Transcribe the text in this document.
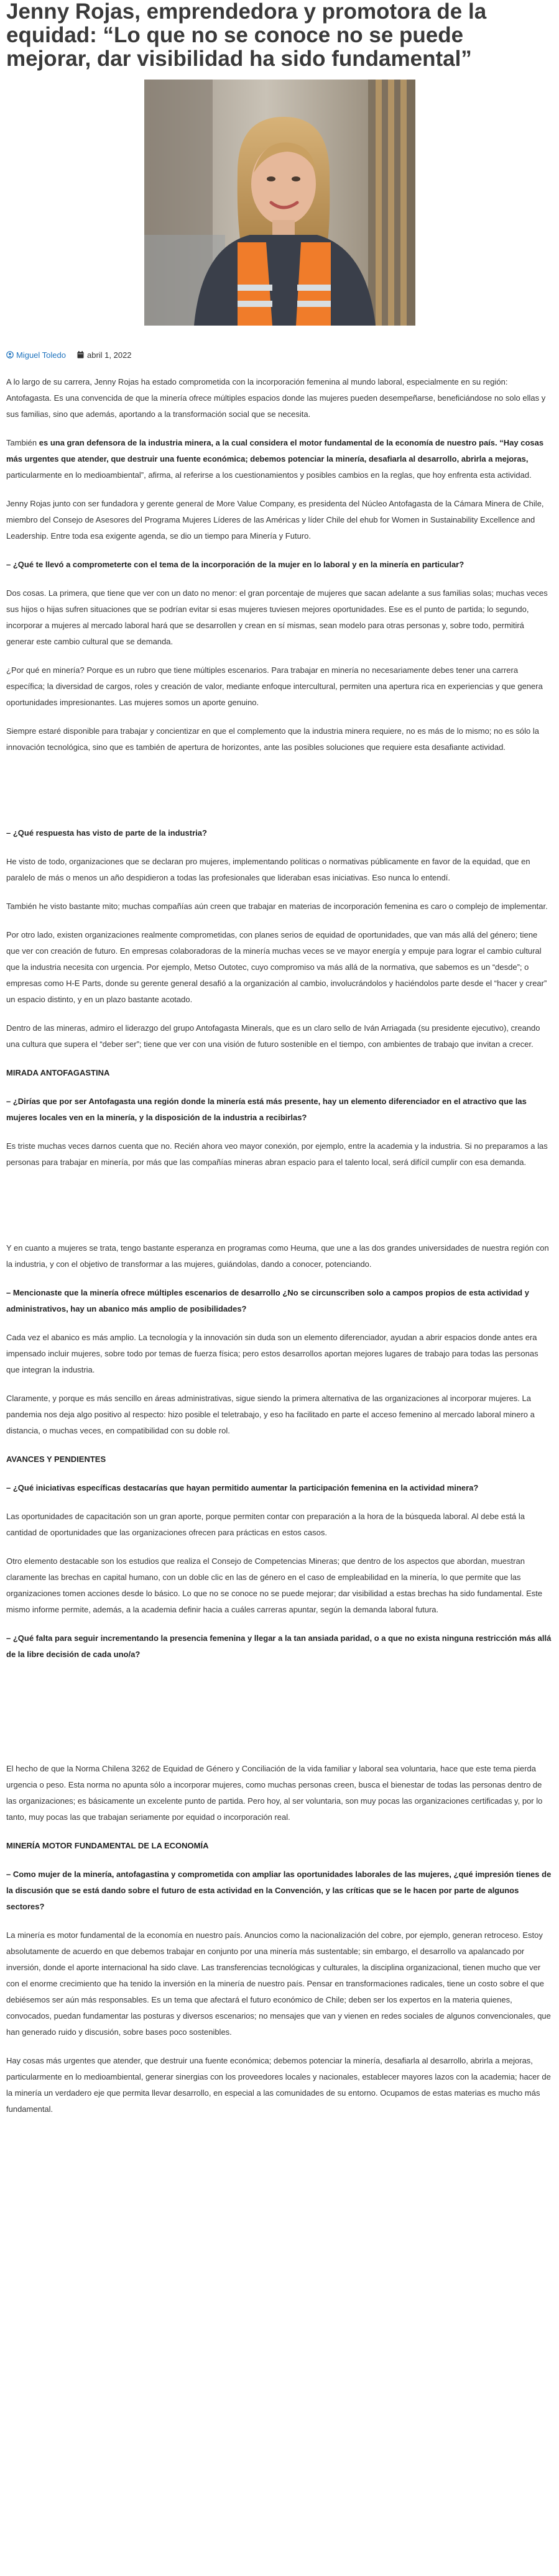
Jenny Rojas, emprendedora y promotora de la equidad: “Lo que no se conoce no se puede mejorar, dar visibilidad ha sido fundamental”
Miguel Toledo	abril 1, 2022

A lo largo de su carrera, Jenny Rojas ha estado comprometida con la incorporación femenina al mundo laboral, especialmente en su región: Antofagasta. Es una convencida de que la minería ofrece múltiples espacios donde las mujeres pueden desempeñarse, beneficiándose no solo ellas y sus familias, sino que además, aportando a la transformación social que se necesita.

También es una gran defensora de la industria minera, a la cual considera el motor fundamental de la economía de nuestro país. “Hay cosas más urgentes que atender, que destruir una fuente económica; debemos potenciar la minería, desafiarla al desarrollo, abrirla a mejoras, particularmente en lo medioambiental”, afirma, al referirse a los cuestionamientos y posibles cambios en la reglas, que hoy enfrenta esta actividad.

Jenny Rojas junto con ser fundadora y gerente general de More Value Company, es presidenta del Núcleo Antofagasta de la Cámara Minera de Chile, miembro del Consejo de Asesores del Programa Mujeres Líderes de las Américas y líder Chile del ehub for Women in Sustainability Excellence and Leadership. Entre toda esa exigente agenda, se dio un tiempo para Minería y Futuro.

– ¿Qué te llevó a comprometerte con el tema de la incorporación de la mujer en lo laboral y en la minería en particular?

Dos cosas. La primera, que tiene que ver con un dato no menor: el gran porcentaje de mujeres que sacan adelante a sus familias solas; muchas veces sus hijos o hijas sufren situaciones que se podrían evitar si esas mujeres tuviesen mejores oportunidades. Ese es el punto de partida; lo segundo, incorporar a mujeres al mercado laboral hará que se desarrollen y crean en sí mismas, sean modelo para otras personas y, sobre todo, permitirá generar este cambio cultural que se demanda.

¿Por qué en minería? Porque es un rubro que tiene múltiples escenarios. Para trabajar en minería no necesariamente debes tener una carrera específica; la diversidad de cargos, roles y creación de valor, mediante enfoque intercultural, permiten una apertura rica en experiencias y que genera oportunidades impresionantes. Las mujeres somos un aporte genuino.

Siempre estaré disponible para trabajar y concientizar en que el complemento que la industria minera requiere, no es más de lo mismo; no es sólo la innovación tecnológica, sino que es también de apertura de horizontes, ante las posibles soluciones que requiere esta desafiante actividad.

– ¿Qué respuesta has visto de parte de la industria?

He visto de todo, organizaciones que se declaran pro mujeres, implementando políticas o normativas públicamente en favor de la equidad, que en paralelo de más o menos un año despidieron a todas las profesionales que lideraban esas iniciativas. Eso nunca lo entendí.

También he visto bastante mito; muchas compañías aún creen que trabajar en materias de incorporación femenina es caro o complejo de implementar.

Por otro lado, existen organizaciones realmente comprometidas, con planes serios de equidad de oportunidades, que van más allá del género; tiene que ver con creación de futuro. En empresas colaboradoras de la minería muchas veces se ve mayor energía y empuje para lograr el cambio cultural que la industria necesita con urgencia. Por ejemplo, Metso Outotec, cuyo compromiso va más allá de la normativa, que sabemos es un “desde”; o empresas como H-E Parts, donde su gerente general desafió a la organización al cambio, involucrándolos y haciéndolos parte desde el “hacer y crear” un espacio distinto, y en un plazo bastante acotado.

Dentro de las mineras, admiro el liderazgo del grupo Antofagasta Minerals, que es un claro sello de Iván Arriagada (su presidente ejecutivo), creando una cultura que supera el “deber ser”; tiene que ver con una visión de futuro sostenible en el tiempo, con ambientes de trabajo que invitan a crecer.

MIRADA ANTOFAGASTINA

– ¿Dirías que por ser Antofagasta una región donde la minería está más presente, hay un elemento diferenciador en el atractivo que las mujeres locales ven en la minería, y la disposición de la industria a recibirlas?

Es triste muchas veces darnos cuenta que no. Recién ahora veo mayor conexión, por ejemplo, entre la academia y la industria. Si no preparamos a las personas para trabajar en minería, por más que las compañías mineras abran espacio para el talento local, será difícil cumplir con esa demanda.

Y en cuanto a mujeres se trata, tengo bastante esperanza en programas como Heuma, que une a las dos grandes universidades de nuestra región con la industria, y con el objetivo de transformar a las mujeres, guiándolas, dando a conocer, potenciando.

– Mencionaste que la minería ofrece múltiples escenarios de desarrollo ¿No se circunscriben solo a campos propios de esta actividad y administrativos, hay un abanico más amplio de posibilidades?

Cada vez el abanico es más amplio. La tecnología y la innovación sin duda son un elemento diferenciador, ayudan a abrir espacios donde antes era impensado incluir mujeres, sobre todo por temas de fuerza física; pero estos desarrollos aportan mejores lugares de trabajo para todas las personas que integran la industria.

Claramente, y porque es más sencillo en áreas administrativas, sigue siendo la primera alternativa de las organizaciones al incorporar mujeres. La pandemia nos deja algo positivo al respecto: hizo posible el teletrabajo, y eso ha facilitado en parte el acceso femenino al mercado laboral minero a distancia, o muchas veces, en compatibilidad con su doble rol.

AVANCES Y PENDIENTES

– ¿Qué iniciativas específicas destacarías que hayan permitido aumentar la participación femenina en la actividad minera?

Las oportunidades de capacitación son un gran aporte, porque permiten contar con preparación a la hora de la búsqueda laboral. Al debe está la cantidad de oportunidades que las organizaciones ofrecen para prácticas en estos casos.

Otro elemento destacable son los estudios que realiza el Consejo de Competencias Mineras; que dentro de los aspectos que abordan, muestran claramente las brechas en capital humano, con un doble clic en las de género en el caso de empleabilidad en la minería, lo que permite que las organizaciones tomen acciones desde lo básico. Lo que no se conoce no se puede mejorar; dar visibilidad a estas brechas ha sido fundamental. Este mismo informe permite, además, a la academia definir hacia a cuáles carreras apuntar, según la demanda laboral futura.

– ¿Qué falta para seguir incrementando la presencia femenina y llegar a la tan ansiada paridad, o a que no exista ninguna restricción más allá de la libre decisión de cada uno/a?

El hecho de que la Norma Chilena 3262 de Equidad de Género y Conciliación de la vida familiar y laboral sea voluntaria, hace que este tema pierda urgencia o peso. Esta norma no apunta sólo a incorporar mujeres, como muchas personas creen, busca el bienestar de todas las personas dentro de las organizaciones; es básicamente un excelente punto de partida. Pero hoy, al ser voluntaria, son muy pocas las organizaciones certificadas y, por lo tanto, muy pocas las que trabajan seriamente por equidad o incorporación real.

MINERÍA MOTOR FUNDAMENTAL DE LA ECONOMÍA

– Como mujer de la minería, antofagastina y comprometida con ampliar las oportunidades laborales de las mujeres, ¿qué impresión tienes de la discusión que se está dando sobre el futuro de esta actividad en la Convención, y las críticas que se le hacen por parte de algunos sectores?

La minería es motor fundamental de la economía en nuestro país. Anuncios como la nacionalización del cobre, por ejemplo, generan retroceso. Estoy absolutamente de acuerdo en que debemos trabajar en conjunto por una minería más sustentable; sin embargo, el desarrollo va apalancado por inversión, donde el aporte internacional ha sido clave. Las transferencias tecnológicas y culturales, la disciplina organizacional, tienen mucho que ver con el enorme crecimiento que ha tenido la inversión en la minería de nuestro país. Pensar en transformaciones radicales, tiene un costo sobre el que debiésemos ser aún más responsables. Es un tema que afectará el futuro económico de Chile; deben ser los expertos en la materia quienes, convocados, puedan fundamentar las posturas y diversos escenarios; no mensajes que van y vienen en redes sociales de algunos convencionales, que han generado ruido y discusión, sobre bases poco sostenibles.

Hay cosas más urgentes que atender, que destruir una fuente económica; debemos potenciar la minería, desafiarla al desarrollo, abrirla a mejoras, particularmente en lo medioambiental, generar sinergias con los proveedores locales y nacionales, establecer mayores lazos con la academia; hacer de la minería un verdadero eje que permita llevar desarrollo, en especial a las comunidades de su entorno. Ocupamos de estas materias es mucho más fundamental.
